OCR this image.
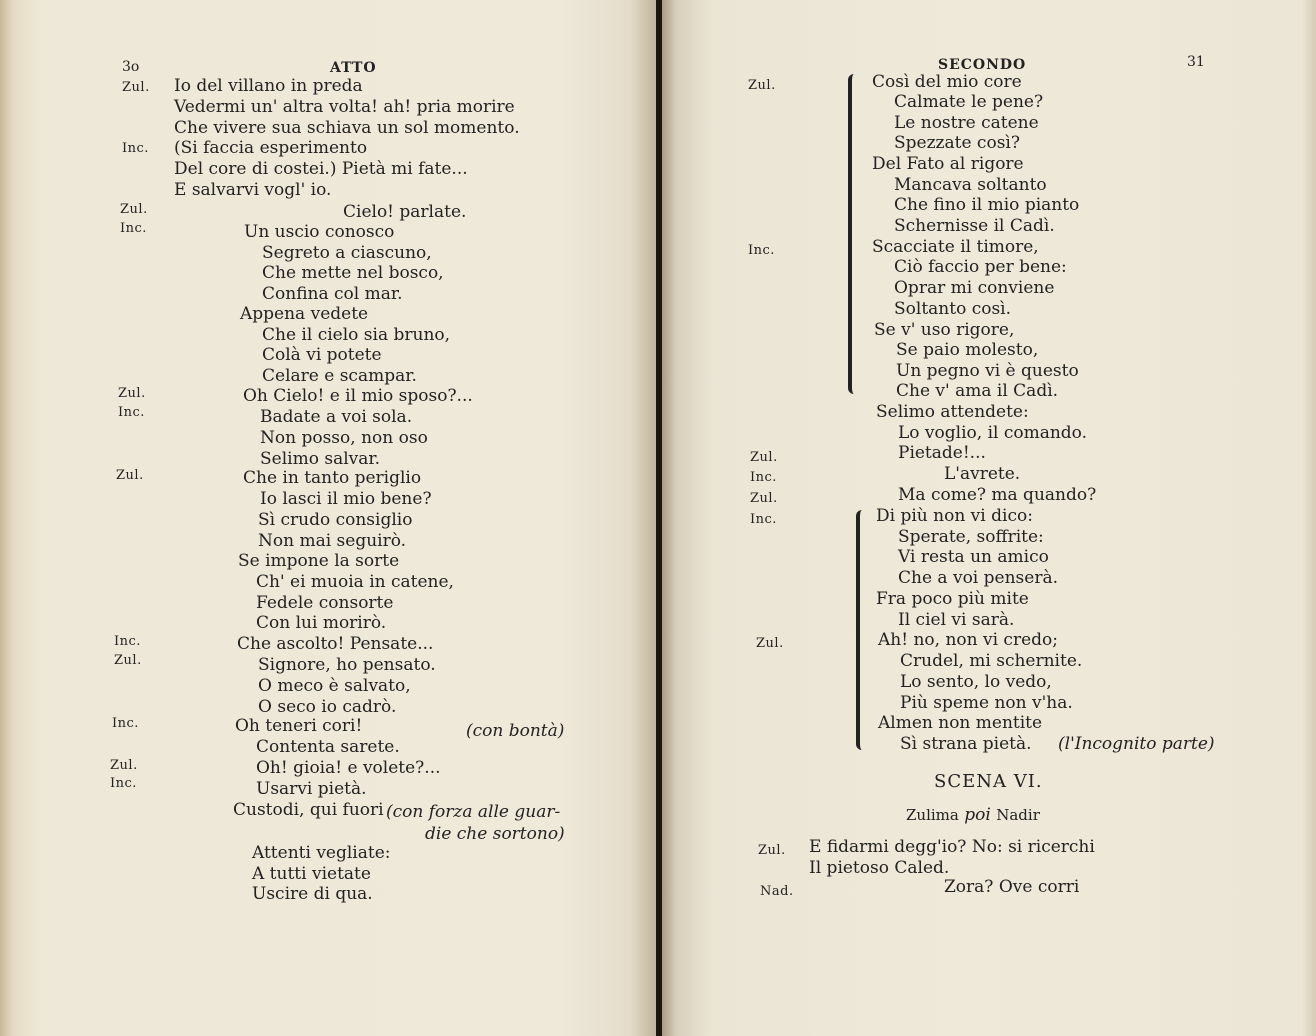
3o	ATTO
Zul. Io del villano in preda
Vedermi un' altra volta! ah! pria morire
Che vivere sua schiava un sol momento.
Inc. (Si faccia esperimento
Del core di costei.) Pietà mi fate...
E salvarvi vogl' io.
Zul.	Cielo! parlate.
Inc.	Un uscio conosco
Segreto a ciascuno,
Che mette nel bosco,
Confina col mar.
Appena vedete
Che il cielo sia bruno,
Colà vi potete
Celare e scampar.
Zul.	Oh Cielo! e il mio sposo?...
Inc.	Badate a voi sola.
Non posso, non oso
Selimo salvar.
Zul.	Che in tanto periglio
Io lasci il mio bene?
Sì crudo consiglio
Non mai seguirò.
Se impone la sorte
Ch' ei muoia in catene,
Fedele consorte
Con lui morirò.
Inc.	Che ascolto! Pensate...
Zul.	Signore, ho pensato.
O meco è salvato,
O seco io cadrò.
Inc.	Oh teneri cori!	(con bontà)
Contenta sarete.
Zul.	Oh! gioia! e volete?...
Inc.	Usarvi pietà.
Custodi, qui fuori (con forza alle guar-
die che sortono)
Attenti vegliate:
A tutti vietate
Uscire di qua.
SECONDO	31
Zul.	Così del mio core
Calmate le pene?
Le nostre catene
Spezzate così?
Del Fato al rigore
Mancava soltanto
Che fino il mio pianto
Schernisse il Cadì.
Inc.	Scacciate il timore,
Ciò faccio per bene:
Oprar mi conviene
Soltanto così.
Se v' uso rigore,
Se paio molesto,
Un pegno vi è questo
Che v' ama il Cadì.
Selimo attendete:
Lo voglio, il comando.
Zul.	Pietade!...
Inc.	L'avrete.
Zul.	Ma come? ma quando?
Inc.	Di più non vi dico:
Sperate, soffrite:
Vi resta un amico
Che a voi penserà.
Fra poco più mite
Il ciel vi sarà.
Zul.	Ah! no, non vi credo;
Crudel, mi schernite.
Lo sento, lo vedo,
Più speme non v'ha.
Almen non mentite
Sì strana pietà. (l'Incognito parte)
SCENA VI.
Zulima poi Nadir
Zul. E fidarmi degg'io? No: si ricerchi
Il pietoso Caled.
Nad.	Zora? Ove corri
